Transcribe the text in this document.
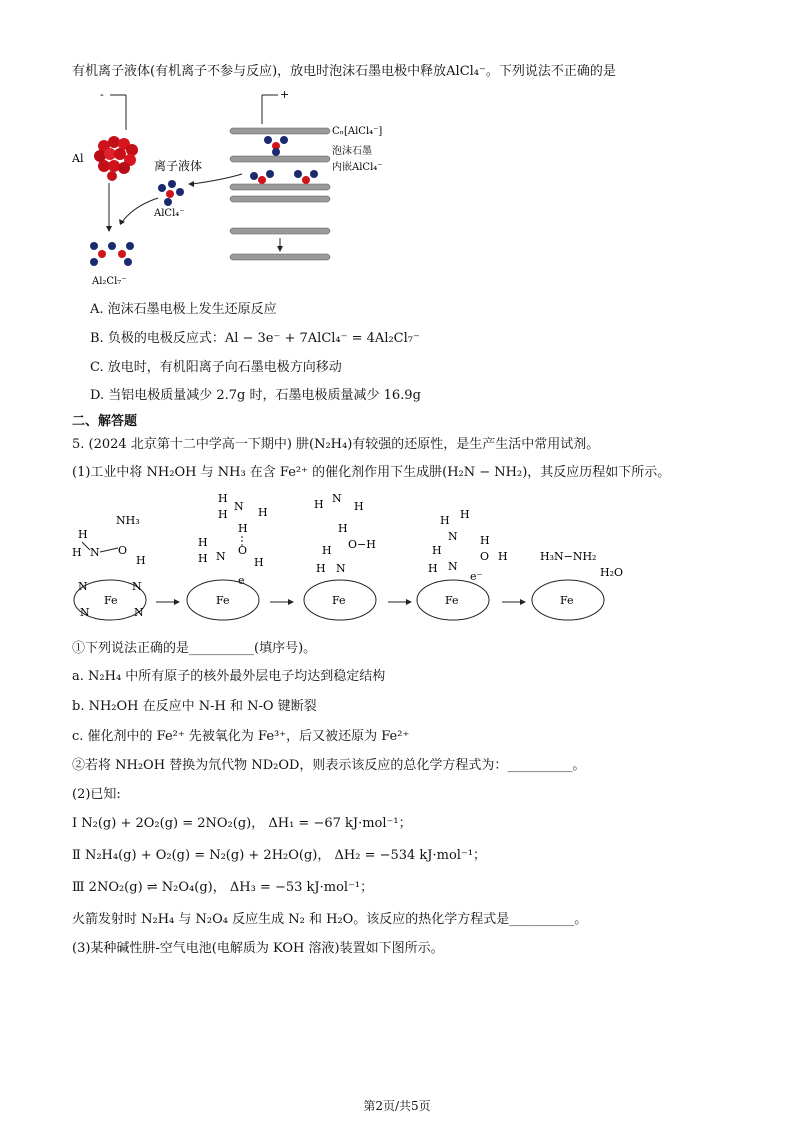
有机离子液体(有机离子不参与反应)，放电时泡沫石墨电极中释放AlCl₄⁻。下列说法不正确的是
-	+
Al
离子液体
AlCl₄⁻
Al₂Cl₇⁻
Cₙ[AlCl₄⁻]
泡沫石墨
内嵌AlCl₄⁻
A. 泡沫石墨电极上发生还原反应
B. 负极的电极反应式：Al − 3e⁻ + 7AlCl₄⁻ = 4Al₂Cl₇⁻
C. 放电时，有机阳离子向石墨电极方向移动
D. 当铝电极质量减少 2.7g 时，石墨电极质量减少 16.9g
二、解答题
5. (2024 北京第十二中学高一下期中) 肼(N₂H₄)有较强的还原性，是生产生活中常用试剂。
(1)工业中将 NH₂OH 与 NH₃ 在含 Fe²⁺ 的催化剂作用下生成肼(H₂N − NH₂)，其反应历程如下所示。
NH₃
H
H N O
H
Fe
N	N
N	N
H
N H
H
H
H
H N O
H
e
Fe
H N
H
H
O−H
H
H N
Fe
H H
N H
O H
H
H N
e⁻
Fe
H₃N−NH₂
H₂O
Fe
①下列说法正确的是__________(填序号)。
a. N₂H₄ 中所有原子的核外最外层电子均达到稳定结构
b. NH₂OH 在反应中 N-H 和 N-O 键断裂
c. 催化剂中的 Fe²⁺ 先被氧化为 Fe³⁺，后又被还原为 Fe²⁺
②若将 NH₂OH 替换为氘代物 ND₂OD，则表示该反应的总化学方程式为：__________。
(2)已知:
Ⅰ N₂(g) + 2O₂(g) = 2NO₂(g)， ΔH₁ = −67 kJ·mol⁻¹；
Ⅱ N₂H₄(g) + O₂(g) = N₂(g) + 2H₂O(g)， ΔH₂ = −534 kJ·mol⁻¹；
Ⅲ 2NO₂(g) ⇌ N₂O₄(g)， ΔH₃ = −53 kJ·mol⁻¹；
火箭发射时 N₂H₄ 与 N₂O₄ 反应生成 N₂ 和 H₂O。该反应的热化学方程式是__________。
(3)某种碱性肼-空气电池(电解质为 KOH 溶液)装置如下图所示。
第2页/共5页
